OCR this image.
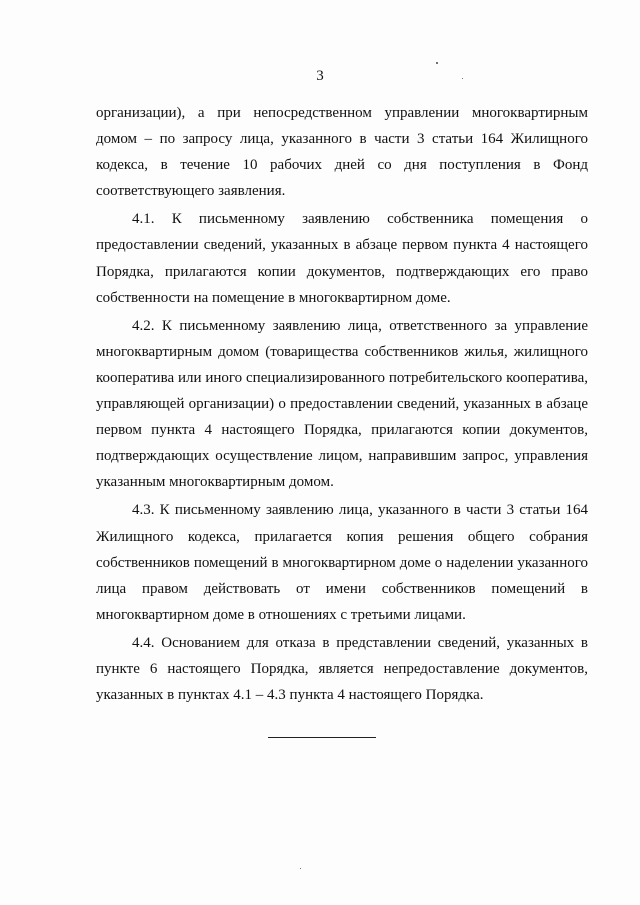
3

организации), а при непосредственном управлении многоквартирным домом – по запросу лица, указанного в части 3 статьи 164 Жилищного кодекса, в течение 10 рабочих дней со дня поступления в Фонд соответствующего заявления.

4.1. К письменному заявлению собственника помещения о предоставлении сведений, указанных в абзаце первом пункта 4 настоящего Порядка, прилагаются копии документов, подтверждающих его право собственности на помещение в многоквартирном доме.

4.2. К письменному заявлению лица, ответственного за управление многоквартирным домом (товарищества собственников жилья, жилищного кооператива или иного специализированного потребительского кооператива, управляющей организации) о предоставлении сведений, указанных в абзаце первом пункта 4 настоящего Порядка, прилагаются копии документов, подтверждающих осуществление лицом, направившим запрос, управления указанным многоквартирным домом.

4.3. К письменному заявлению лица, указанного в части 3 статьи 164 Жилищного кодекса, прилагается копия решения общего собрания собственников помещений в многоквартирном доме о наделении указанного лица правом действовать от имени собственников помещений в многоквартирном доме в отношениях с третьими лицами.

4.4. Основанием для отказа в представлении сведений, указанных в пункте 6 настоящего Порядка, является непредоставление документов, указанных в пунктах 4.1 – 4.3 пункта 4 настоящего Порядка.
